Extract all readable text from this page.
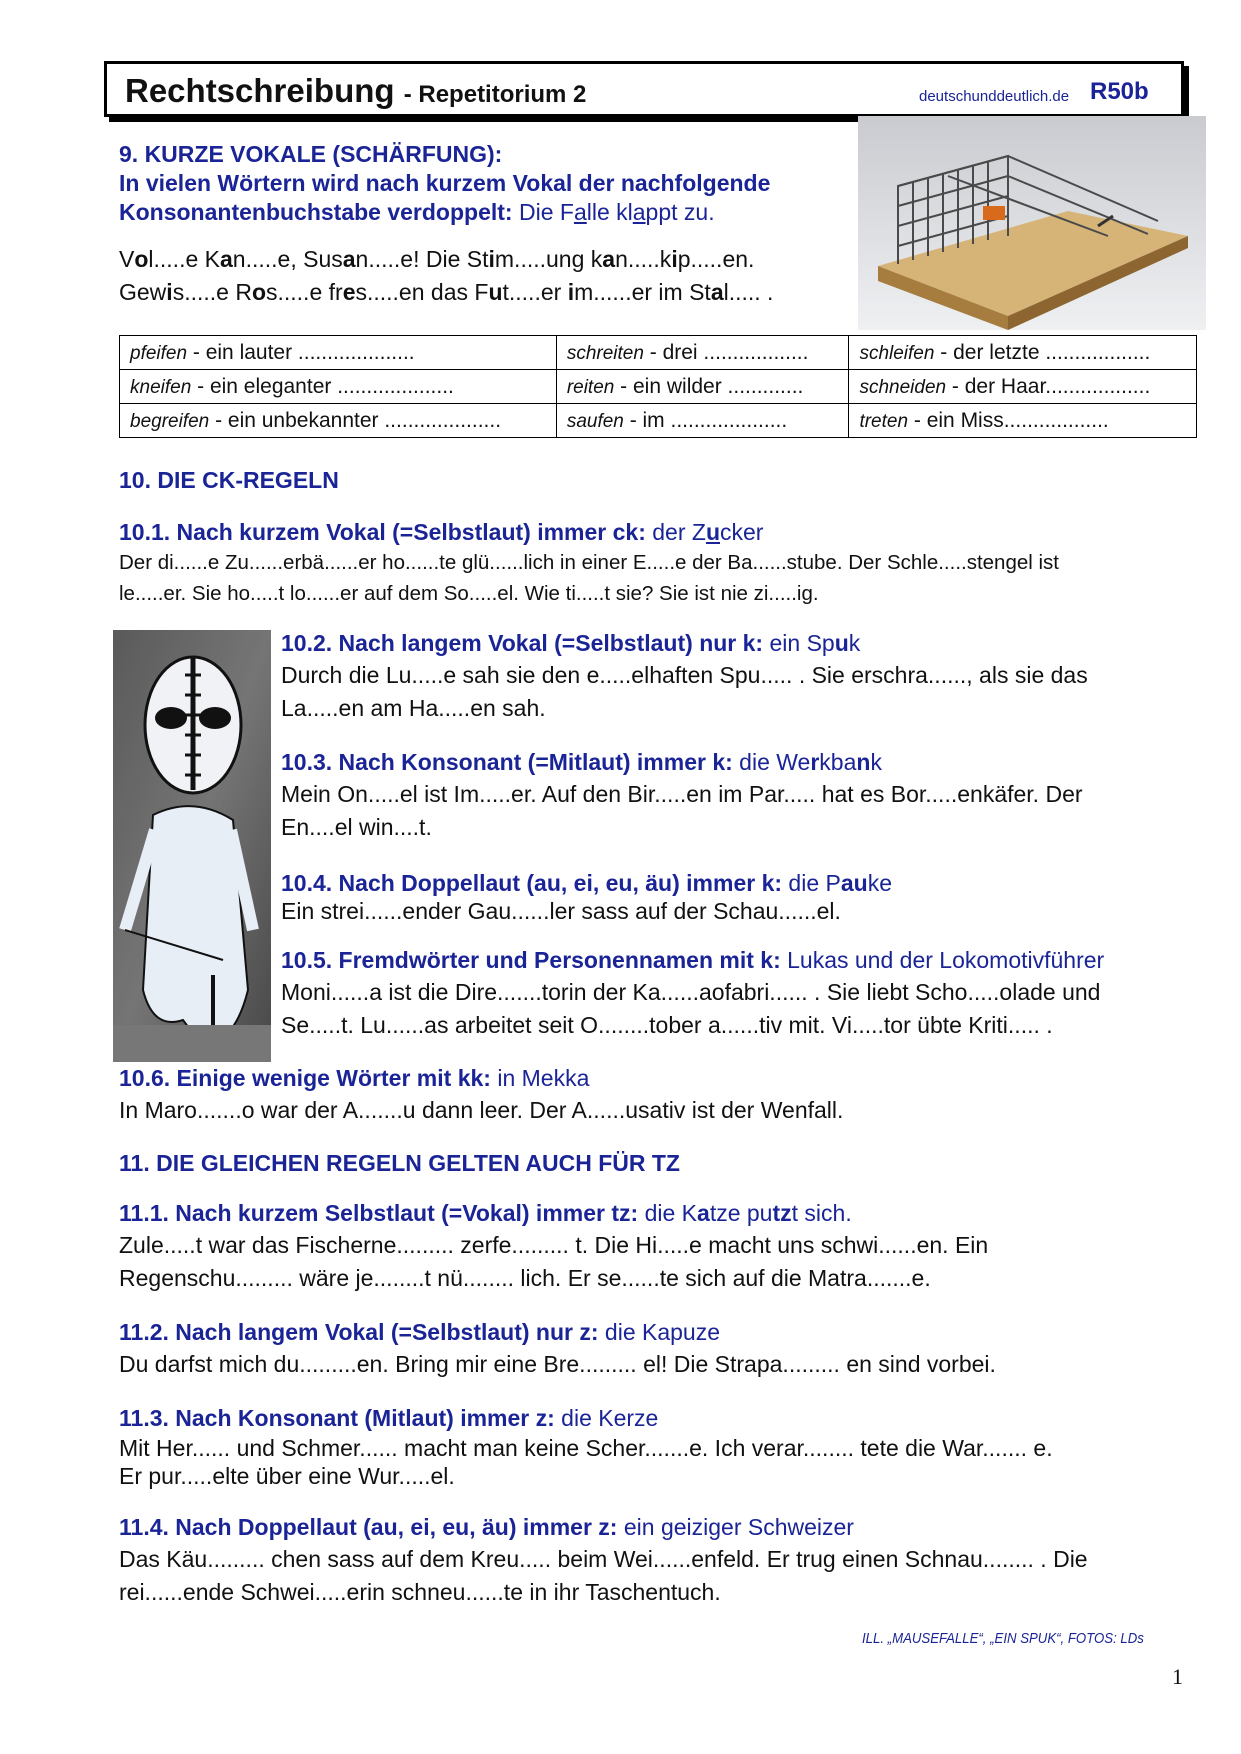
Rechtschreibung - Repetitorium 2	deutschunddeutlich.de R50b
9. KURZE VOKALE (SCHÄRFUNG):
In vielen Wörtern wird nach kurzem Vokal der nachfolgende
Konsonantenbuchstabe verdoppelt: Die Falle klappt zu.
Vol.....e Kan.....e, Susan.....e! Die Stim.....ung kan.....kip.....en.
Gewis.....e Ros.....e fres.....en das Fut.....er im......er im Stal..... .
pfeifen - ein lauter ....................	schreiten - drei ..................	schleifen - der letzte ..................
kneifen - ein eleganter ....................	reiten - ein wilder .............	schneiden - der Haar..................
begreifen - ein unbekannter ....................	saufen - im ....................	treten - ein Miss..................
10. DIE CK-REGELN
10.1. Nach kurzem Vokal (=Selbstlaut) immer ck: der Zucker
Der di......e Zu......erbä......er ho......te glü......lich in einer E.....e der Ba......stube. Der Schle.....stengel ist
le.....er. Sie ho.....t lo......er auf dem So.....el. Wie ti.....t sie? Sie ist nie zi.....ig.
10.2. Nach langem Vokal (=Selbstlaut) nur k: ein Spuk
Durch die Lu.....e sah sie den e.....elhaften Spu..... . Sie erschra......, als sie das
La.....en am Ha.....en sah.
10.3. Nach Konsonant (=Mitlaut) immer k: die Werkbank
Mein On.....el ist Im.....er. Auf den Bir.....en im Par..... hat es Bor.....enkäfer. Der
En....el win....t.
10.4. Nach Doppellaut (au, ei, eu, äu) immer k: die Pauke
Ein strei......ender Gau......ler sass auf der Schau......el.
10.5. Fremdwörter und Personennamen mit k: Lukas und der Lokomotivführer
Moni......a ist die Dire.......torin der Ka......aofabri...... . Sie liebt Scho.....olade und
Se.....t. Lu......as arbeitet seit O........tober a......tiv mit. Vi.....tor übte Kriti..... .
10.6. Einige wenige Wörter mit kk: in Mekka
In Maro.......o war der A.......u dann leer. Der A......usativ ist der Wenfall.
11. DIE GLEICHEN REGELN GELTEN AUCH FÜR TZ
11.1. Nach kurzem Selbstlaut (=Vokal) immer tz: die Katze putzt sich.
Zule.....t war das Fischerne......... zerfe......... t. Die Hi.....e macht uns schwi......en. Ein
Regenschu......... wäre je........t nü........ lich. Er se......te sich auf die Matra.......e.
11.2. Nach langem Vokal (=Selbstlaut) nur z: die Kapuze
Du darfst mich du.........en. Bring mir eine Bre......... el! Die Strapa......... en sind vorbei.
11.3. Nach Konsonant (Mitlaut) immer z: die Kerze
Mit Her...... und Schmer...... macht man keine Scher.......e. Ich verar........ tete die War....... e.
Er pur.....elte über eine Wur.....el.
11.4. Nach Doppellaut (au, ei, eu, äu) immer z: ein geiziger Schweizer
Das Käu......... chen sass auf dem Kreu..... beim Wei......enfeld. Er trug einen Schnau........ . Die
rei......ende Schwei.....erin schneu......te in ihr Taschentuch.
ILL. „MAUSEFALLE“, „EIN SPUK“, FOTOS: LDs
1
